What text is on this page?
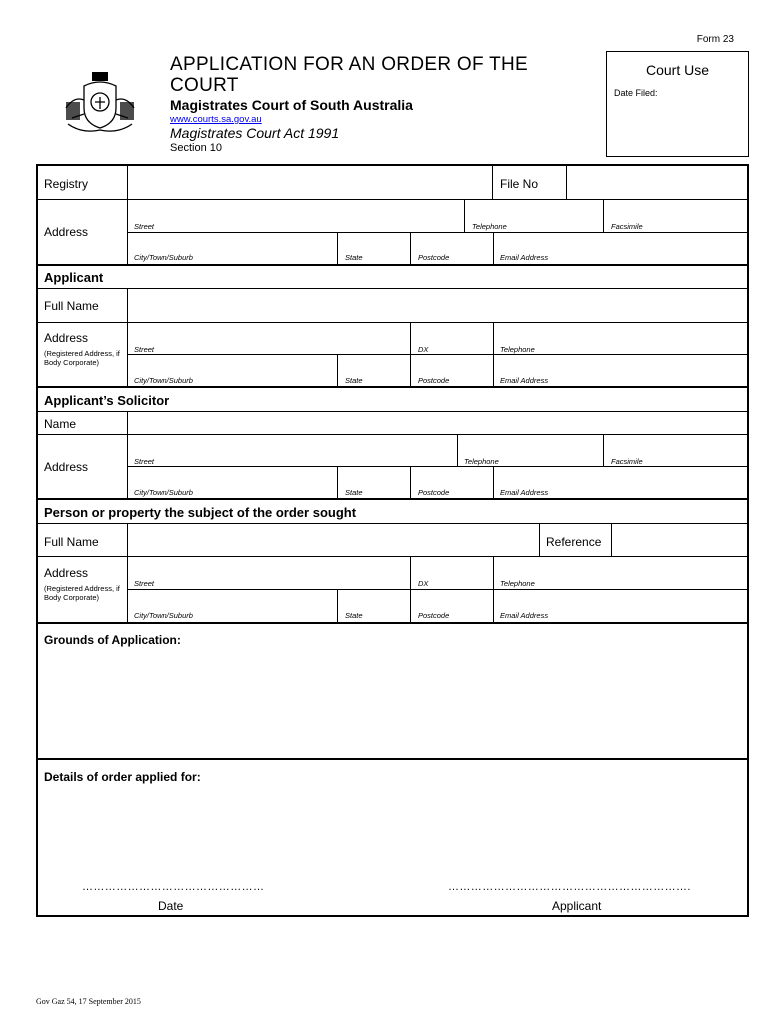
Form 23
APPLICATION FOR AN ORDER OF THE COURT
Magistrates Court of South Australia
www.courts.sa.gov.au
Magistrates Court Act 1991
Section 10
Court Use
Date Filed:
Registry	File No
Address	Street	Telephone	Facsimile
City/Town/Suburb	State	Postcode	Email Address
Applicant
Full Name
Address
(Registered Address, if Body Corporate)
Street	DX	Telephone
City/Town/Suburb	State	Postcode	Email Address
Applicant’s Solicitor
Name
Address	Street	Telephone	Facsimile
City/Town/Suburb	State	Postcode	Email Address
Person or property the subject of the order sought
Full Name	Reference
Address
(Registered Address, if Body Corporate)
Street	DX	Telephone
City/Town/Suburb	State	Postcode	Email Address
Grounds of Application:
Details of order applied for:
…………………………………………
Date
……………………………………………………….
Applicant
Gov Gaz 54, 17 September 2015
